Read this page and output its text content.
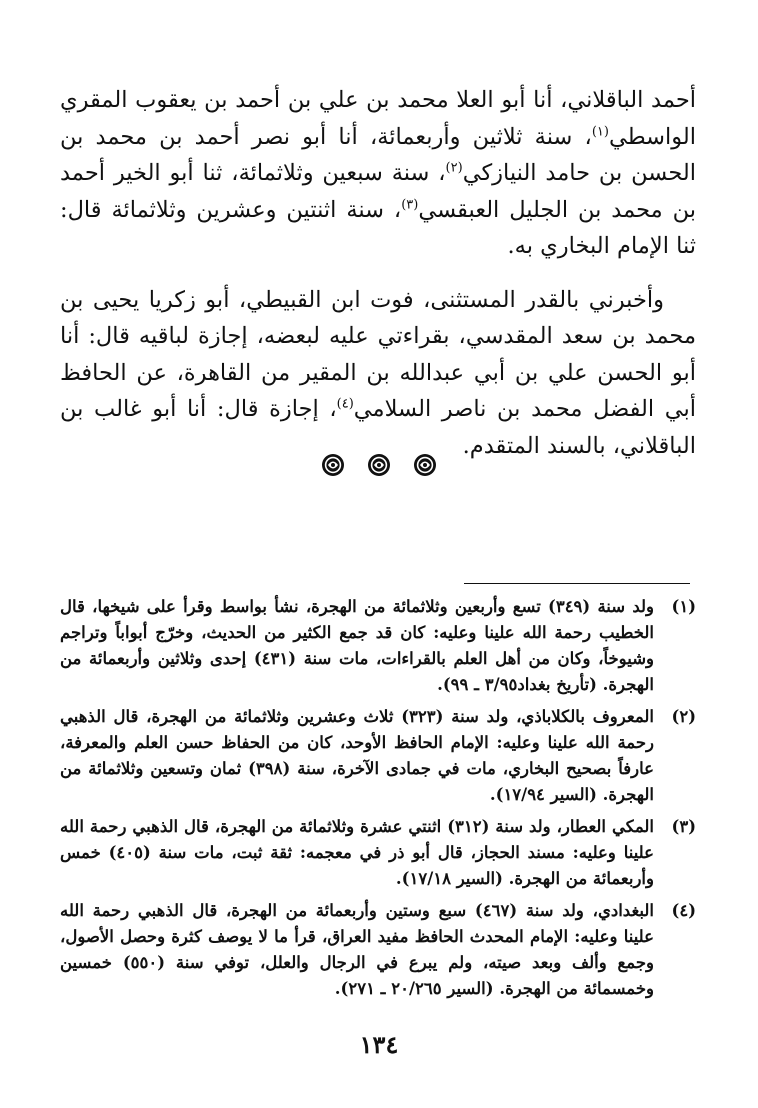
أحمد الباقلاني، أنا أبو العلا محمد بن علي بن أحمد بن يعقوب المقري الواسطي$^{(١)}$، سنة ثلاثين وأربعمائة، أنا أبو نصر أحمد بن محمد بن الحسن بن حامد النيازكي$^{(٢)}$، سنة سبعين وثلاثمائة، ثنا أبو الخير أحمد بن محمد بن الجليل العبقسي$^{(٣)}$، سنة اثنتين وعشرين وثلاثمائة قال: ثنا الإمام البخاري به.

وأخبرني بالقدر المستثنى، فوت ابن القبيطي، أبو زكريا يحيى بن محمد بن سعد المقدسي، بقراءتي عليه لبعضه، إجازة لباقيه قال: أنا أبو الحسن علي بن أبي عبدالله بن المقير من القاهرة، عن الحافظ أبي الفضل محمد بن ناصر السلامي$^{(٤)}$، إجازة قال: أنا أبو غالب بن الباقلاني، بالسند المتقدم.

(١)
ولد سنة (٣٤٩) تسع وأربعين وثلاثمائة من الهجرة، نشأ بواسط وقرأ على شيخها، قال الخطيب رحمة الله علينا وعليه: كان قد جمع الكثير من الحديث، وخرّج أبواباً وتراجم وشيوخاً، وكان من أهل العلم بالقراءات، مات سنة (٤٣١) إحدى وثلاثين وأربعمائة من الهجرة. (تأريخ بغداد٣/٩٥ ـ ٩٩).
(٢)
المعروف بالكلاباذي، ولد سنة (٣٢٣) ثلاث وعشرين وثلاثمائة من الهجرة، قال الذهبي رحمة الله علينا وعليه: الإمام الحافظ الأوحد، كان من الحفاظ حسن العلم والمعرفة، عارفاً بصحيح البخاري، مات في جمادى الآخرة، سنة (٣٩٨) ثمان وتسعين وثلاثمائة من الهجرة. (السير ١٧/٩٤).
(٣)
المكي العطار، ولد سنة (٣١٢) اثنتي عشرة وثلاثمائة من الهجرة، قال الذهبي رحمة الله علينا وعليه: مسند الحجاز، قال أبو ذر في معجمه: ثقة ثبت، مات سنة (٤٠٥) خمس وأربعمائة من الهجرة. (السير ١٧/١٨).
(٤)
البغدادي، ولد سنة (٤٦٧) سبع وستين وأربعمائة من الهجرة، قال الذهبي رحمة الله علينا وعليه: الإمام المحدث الحافظ مفيد العراق، قرأ ما لا يوصف كثرة وحصل الأصول، وجمع وألف وبعد صيته، ولم يبرع في الرجال والعلل، توفي سنة (٥٥٠) خمسين وخمسمائة من الهجرة. (السير ٢٠/٢٦٥ ـ ٢٧١).
١٣٤
